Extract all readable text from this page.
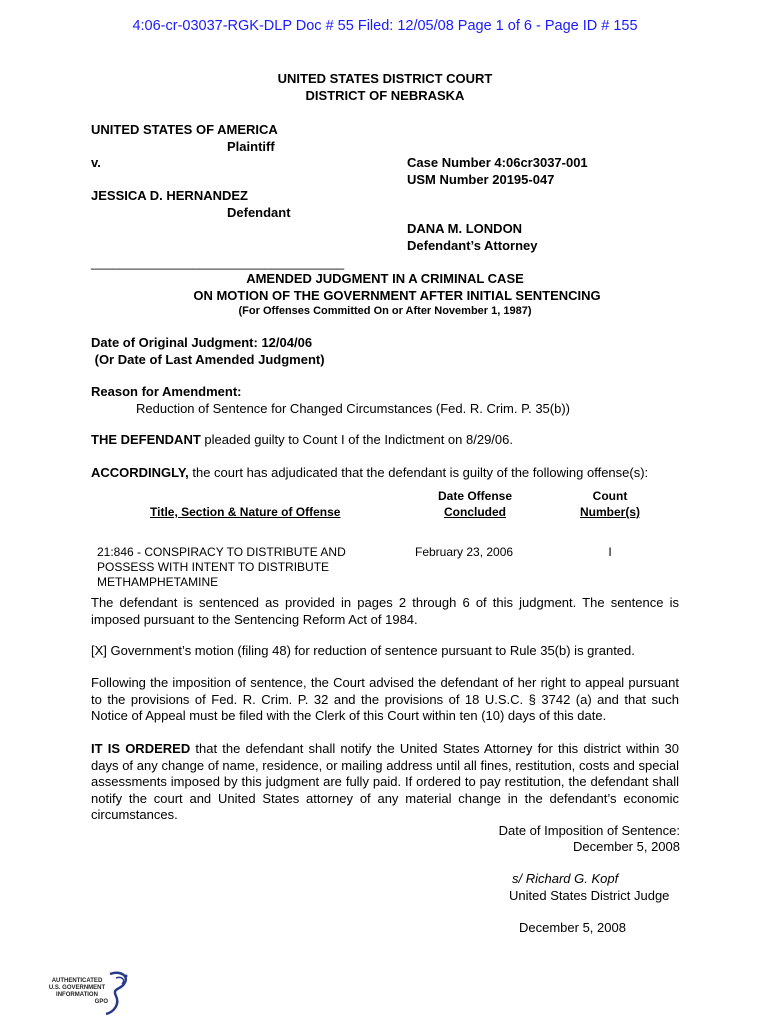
4:06-cr-03037-RGK-DLP Doc # 55 Filed: 12/05/08 Page 1 of 6 - Page ID # 155
UNITED STATES DISTRICT COURT
DISTRICT OF NEBRASKA
UNITED STATES OF AMERICA
Plaintiff
v.	Case Number 4:06cr3037-001
USM Number 20195-047
JESSICA D. HERNANDEZ
Defendant
DANA M. LONDON
Defendant’s Attorney
___________________________________
AMENDED JUDGMENT IN A CRIMINAL CASE
ON MOTION OF THE GOVERNMENT AFTER INITIAL SENTENCING
(For Offenses Committed On or After November 1, 1987)
Date of Original Judgment: 12/04/06
(Or Date of Last Amended Judgment)
Reason for Amendment:
Reduction of Sentence for Changed Circumstances (Fed. R. Crim. P. 35(b))
THE DEFENDANT pleaded guilty to Count I of the Indictment on 8/29/06.
ACCORDINGLY, the court has adjudicated that the defendant is guilty of the following offense(s):
Title, Section & Nature of Offense
Date Offense
Concluded
Count
Number(s)
21:846 - CONSPIRACY TO DISTRIBUTE AND
POSSESS WITH INTENT TO DISTRIBUTE
METHAMPHETAMINE
February 23, 2006	I
The defendant is sentenced as provided in pages 2 through 6 of this judgment. The sentence is imposed pursuant to the Sentencing Reform Act of 1984.
[X] Government’s motion (filing 48) for reduction of sentence pursuant to Rule 35(b) is granted.
Following the imposition of sentence, the Court advised the defendant of her right to appeal pursuant to the provisions of Fed. R. Crim. P. 32 and the provisions of 18 U.S.C. § 3742 (a) and that such Notice of Appeal must be filed with the Clerk of this Court within ten (10) days of this date.
IT IS ORDERED that the defendant shall notify the United States Attorney for this district within 30 days of any change of name, residence, or mailing address until all fines, restitution, costs and special assessments imposed by this judgment are fully paid. If ordered to pay restitution, the defendant shall notify the court and United States attorney of any material change in the defendant’s economic circumstances.
Date of Imposition of Sentence:
December 5, 2008
s/ Richard G. Kopf
United States District Judge
December 5, 2008
AUTHENTICATED
U.S. GOVERNMENT
INFORMATION
GPO
